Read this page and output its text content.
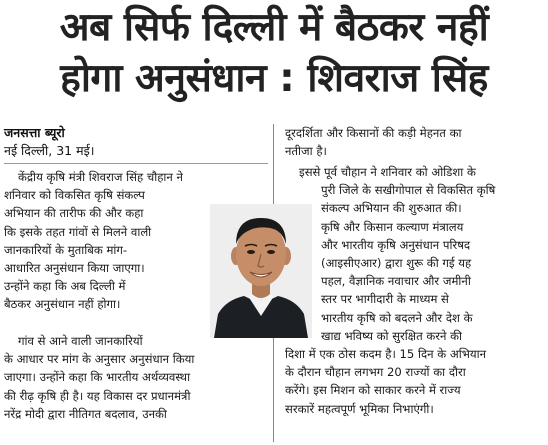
अब सिर्फ दिल्ली में बैठकर नहीं
होगा अनुसंधान : शिवराज सिंह
जनसत्ता ब्यूरो
नई दिल्ली, 31 मई।
केंद्रीय कृषि मंत्री शिवराज सिंह चौहान ने
शनिवार को विकसित कृषि संकल्प
अभियान की तारीफ की और कहा
कि इसके तहत गांवों से मिलने वाली
जानकारियों के मुताबिक मांग-
आधारित अनुसंधान किया जाएगा।
उन्होंने कहा कि अब दिल्ली में
बैठकर अनुसंधान नहीं होगा।
गांव से आने वाली जानकारियों
के आधार पर मांग के अनुसार अनुसंधान किया
जाएगा। उन्होंने कहा कि भारतीय अर्थव्यवस्था
की रीढ़ कृषि ही है। यह विकास दर प्रधानमंत्री
नरेंद्र मोदी द्वारा नीतिगत बदलाव, उनकी
दूरदर्शिता और किसानों की कड़ी मेहनत का
नतीजा है।
इससे पूर्व चौहान ने शनिवार को ओडिशा के
पुरी जिले के सखीगोपाल से विकसित कृषि
संकल्प अभियान की शुरुआत की।
कृषि और किसान कल्याण मंत्रालय
और भारतीय कृषि अनुसंधान परिषद
(आइसीएआर) द्वारा शुरू की गई यह
पहल, वैज्ञानिक नवाचार और जमीनी
स्तर पर भागीदारी के माध्यम से
भारतीय कृषि को बदलने और देश के
खाद्य भविष्य को सुरक्षित करने की
दिशा में एक ठोस कदम है। 15 दिन के अभियान
के दौरान चौहान लगभग 20 राज्यों का दौरा
करेंगे। इस मिशन को साकार करने में राज्य
सरकारें महत्वपूर्ण भूमिका निभाएंगी।
